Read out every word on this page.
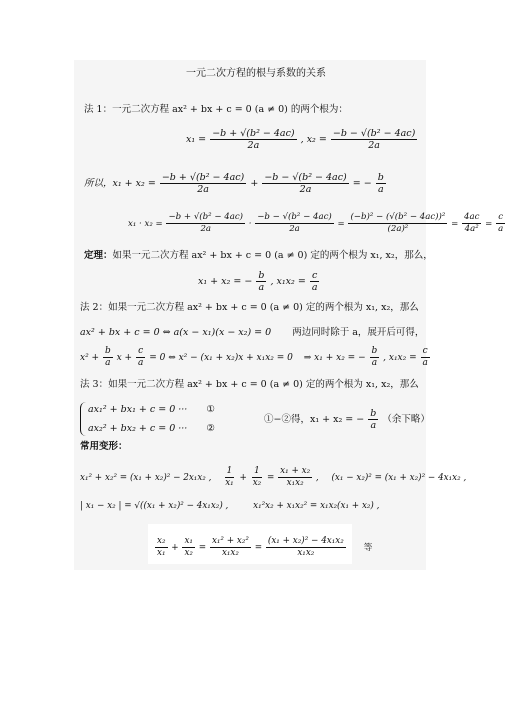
一元二次方程的根与系数的关系
法 1：一元二次方程 ax² + bx + c = 0 (a ≠ 0) 的两个根为：
$x_1 = \frac{\text{−b + √(b² − 4ac)}}{2a}$ , $x_2 = \frac{\text{−b − √(b² − 4ac)}}{2a}$
所以，$x_1 + x_2 = \frac{\text{−b + √(b² − 4ac)}}{2a} + \frac{\text{−b − √(b² − 4ac)}}{2a}$ = − $\frac{b}{a}$
$x_1 \cdot x_2 = \frac{\text{−b + √(b² − 4ac)}}{2a} \cdot \frac{\text{−b − √(b² − 4ac)}}{2a} = \frac{\text{(−b)² − (√(b² − 4ac))²}}{\text{(2a)²}} = \frac{4ac}{\text{4a²}} = \frac{c}{a}$
定理：如果一元二次方程 ax² + bx + c = 0 (a ≠ 0) 定的两个根为 x₁, x₂，那么，
x₁ + x₂ = − $\frac{b}{a}$ , $x_1x_2 = \frac{c}{a}$
法 2：如果一元二次方程 ax² + bx + c = 0 (a ≠ 0) 定的两个根为 x₁, x₂，那么
ax² + bx + c = 0 ⇔ a(x − x₁)(x − x₂) = 0 两边同时除于 a，展开后可得，
$x^2 + \frac{b}{a}$ $x + \frac{c}{a} = 0$ ⇔ x² − (x₁ + x₂)x + x₁x₂ = 0 ⇒ x₁ + x₂ = − $\frac{b}{a}$ , $x_1x_2 = \frac{c}{a}$
法 3：如果一元二次方程 ax² + bx + c = 0 (a ≠ 0) 定的两个根为 x₁, x₂，那么
ax₁² + bx₁ + c = 0 ··· ①
ax₂² + bx₂ + c = 0 ··· ②
①−②得，x₁ + x₂ = − $\frac{b}{a}$ （余下略）
常用变形：
x₁² + x₂² = (x₁ + x₂)² − 2x₁x₂ , $\frac{1}{\text{x₁}} + \frac{1}{\text{x₂}} = \frac{\text{x₁ + x₂}}{\text{x₁x₂}}$ , (x₁ − x₂)² = (x₁ + x₂)² − 4x₁x₂ ,
| x₁ − x₂ | = √((x₁ + x₂)² − 4x₁x₂) ,	x₁²x₂ + x₁x₂² = x₁x₂(x₁ + x₂) ,
$\frac{\text{x₂}}{\text{x₁}} + \frac{\text{x₁}}{\text{x₂}} = \frac{\text{x₁² + x₂²}}{\text{x₁x₂}} = \frac{\text{(x₁ + x₂)² − 4x₁x₂}}{\text{x₁x₂}}$ 等
